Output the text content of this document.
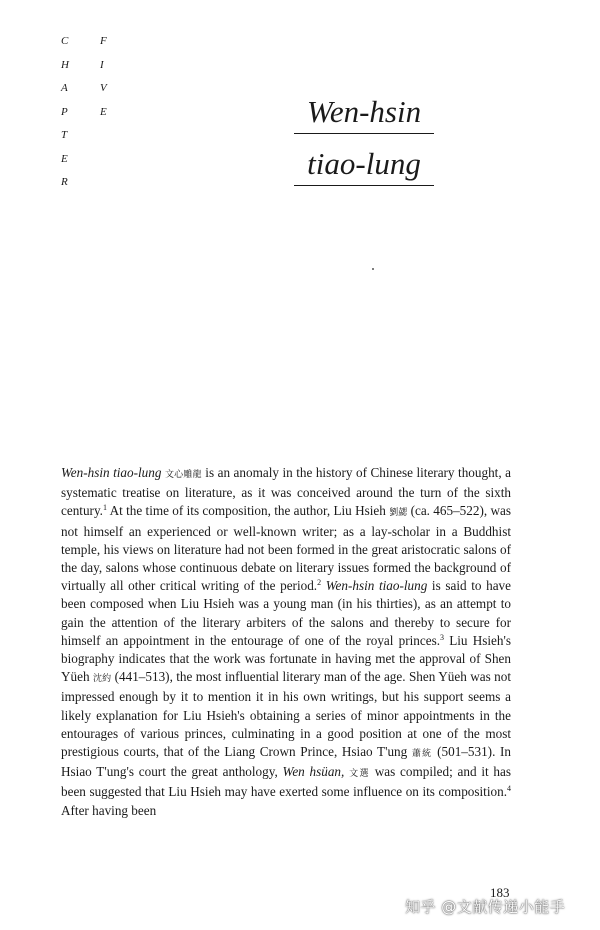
C
H
A
P
T
E
R
F
I
V
E	Wen-hsin
tiao-lung

Wen-hsin tiao-lung 文心雕龍 is an anomaly in the history of Chinese literary thought, a systematic treatise on literature, as it was conceived around the turn of the sixth century.$^1$ At the time of its composition, the author, Liu Hsieh 劉勰 (ca. 465–522), was not himself an experienced or well-known writer; as a lay-scholar in a Buddhist temple, his views on literature had not been formed in the great aristocratic salons of the day, salons whose continuous debate on literary issues formed the background of virtually all other critical writing of the period.$^2$ Wen-hsin tiao-lung is said to have been composed when Liu Hsieh was a young man (in his thirties), as an attempt to gain the attention of the literary arbiters of the salons and thereby to secure for himself an appointment in the entourage of one of the royal princes.$^3$ Liu Hsieh's biography indicates that the work was fortunate in having met the approval of Shen Yüeh 沈約 (441–513), the most influential literary man of the age. Shen Yüeh was not impressed enough by it to mention it in his own writings, but his support seems a likely explanation for Liu Hsieh's obtaining a series of minor appointments in the entourages of various princes, culminating in a good position at one of the most prestigious courts, that of the Liang Crown Prince, Hsiao T'ung 蕭統 (501–531). In Hsiao T'ung's court the great anthology, Wen hsüan, 文選 was compiled; and it has been suggested that Liu Hsieh may have exerted some influence on its composition.$^4$ After having been

183
知乎 @文献传递小能手
